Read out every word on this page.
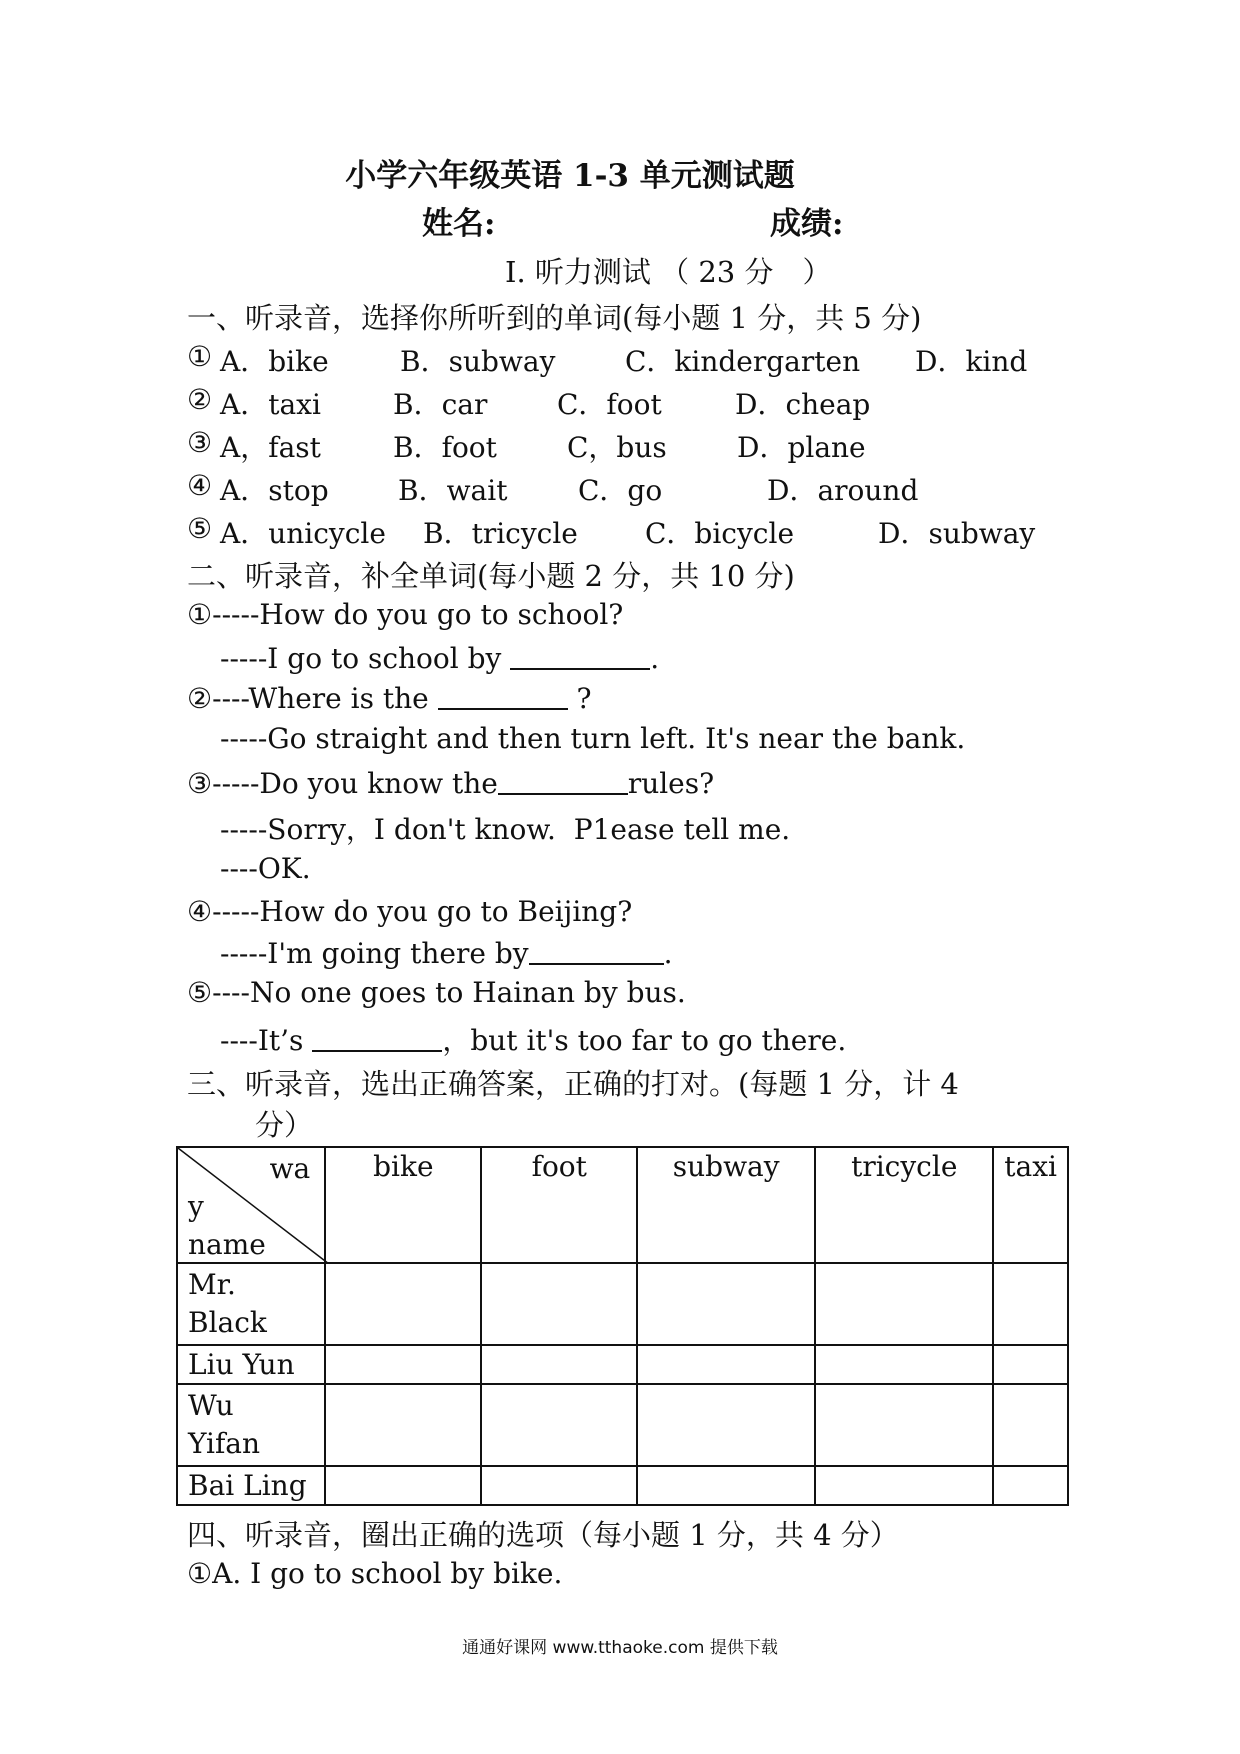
小学六年级英语 1-3 单元测试题
姓名:	成绩:
I. 听力测试 （ 23 分　）
一、听录音，选择你所听到的单词(每小题 1 分，共 5 分)
① A．bike	B．subway C．kindergarten D．kind
② A．taxi	B．car C．foot	D．cheap
③ A，fast	B．foot	C，bus	D．plane
④ A．stop B．wait	C．go	D．around
⑤ A．unicycle B．tricycle C．bicycle	D．subway
二、听录音，补全单词(每小题 2 分，共 10 分)
①-----How do you go to school?
-----I go to school by	.
②----Where is the	?
-----Go straight and then turn left. It's near the bank.
③-----Do you know the	rules?
-----Sorry，I don't know.  P1ease tell me.
----OK.
④-----How do you go to Beijing?
-----I'm going there by	.
⑤----No one goes to Hainan by bus.
----It’s	，but it's too far to go there.
三、听录音，选出正确答案，正确的打对。(每题 1 分，计 4
分）
wa
y
name	bike	foot	subway	tricycle	taxi
Mr. Black					
Liu Yun					
Wu Yifan					
Bai Ling					
四、听录音，圈出正确的选项（每小题 1 分，共 4 分）
①A. I go to school by bike.
通通好课网 www.tthaoke.com 提供下载
